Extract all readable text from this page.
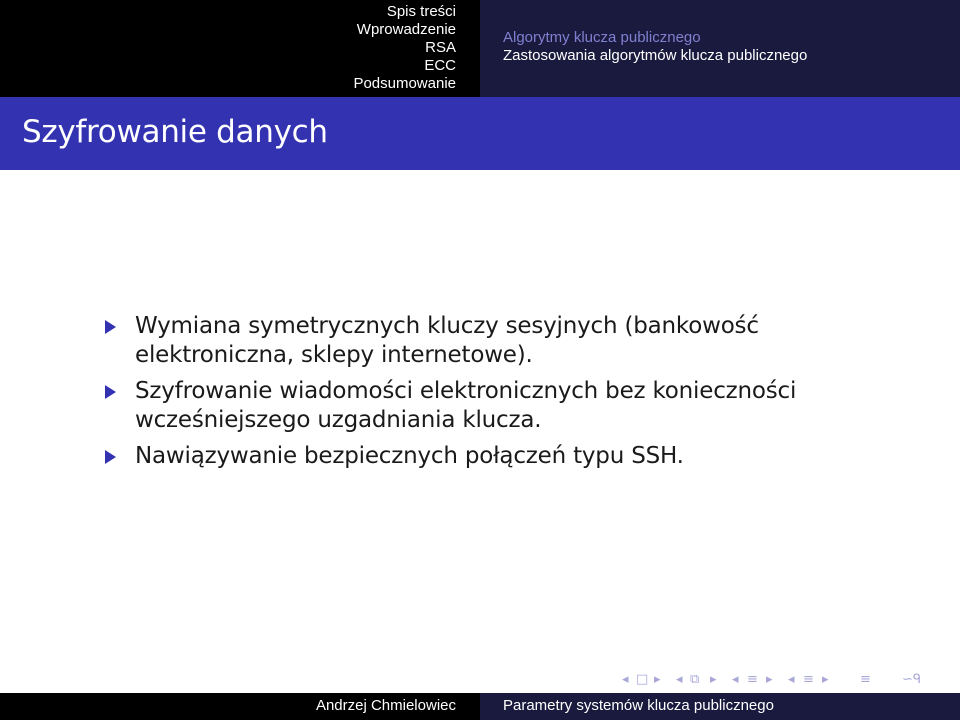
Spis treści
Wprowadzenie
RSA
ECC
Podsumowanie
Algorytmy klucza publicznego
Zastosowania algorytmów klucza publicznego
Szyfrowanie danych
Wymiana symetrycznych kluczy sesyjnych (bankowość elektroniczna, sklepy internetowe).
Szyfrowanie wiadomości elektronicznych bez konieczności wcześniejszego uzgadniania klucza.
Nawiązywanie bezpiecznych połączeń typu SSH.
◂ □ ▸ ◂ ⧉ ▸ ◂ ≡ ▸ ◂ ≡ ▸ ≡ ∽ᑫ
Andrzej Chmielowiec	Parametry systemów klucza publicznego
